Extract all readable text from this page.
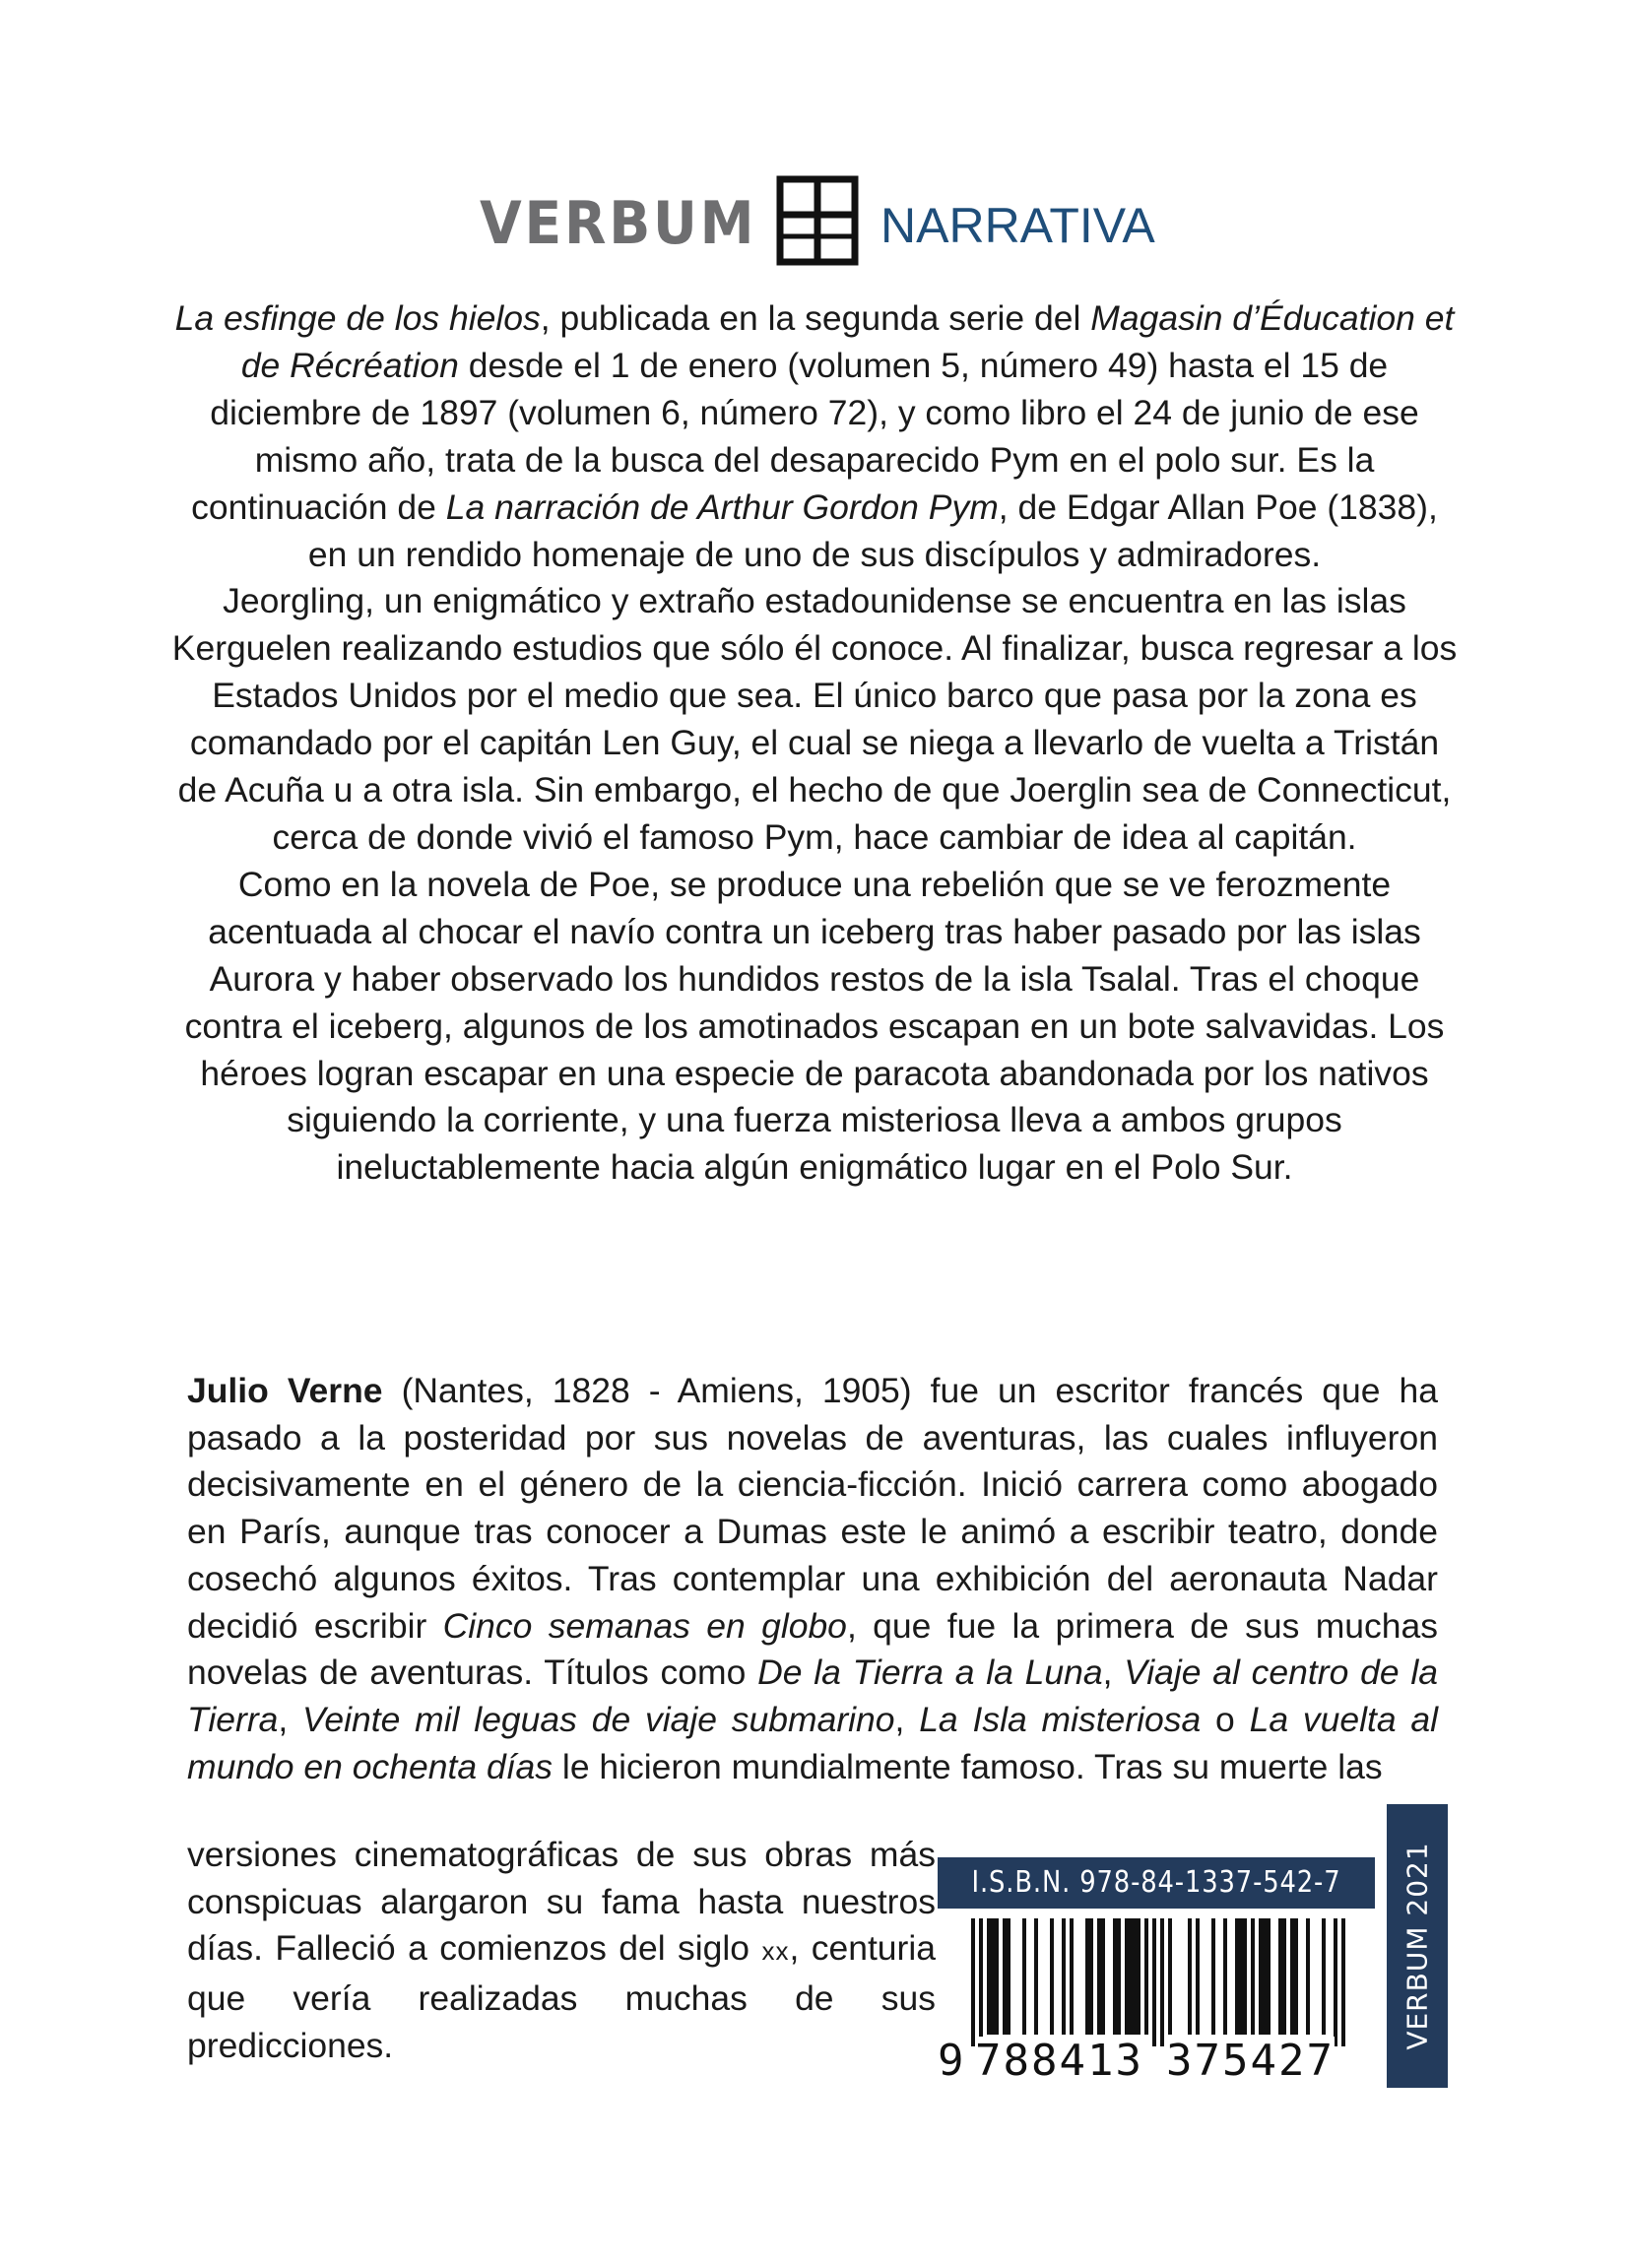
VERBUM	NARRATIVA

La esfinge de los hielos, publicada en la segunda serie del Magasin d’Éducation et de Récréation desde el 1 de enero (volumen 5, número 49) hasta el 15 de diciembre de 1897 (volumen 6, número 72), y como libro el 24 de junio de ese mismo año, trata de la busca del desaparecido Pym en el polo sur. Es la continuación de La narración de Arthur Gordon Pym, de Edgar Allan Poe (1838), en un rendido homenaje de uno de sus discípulos y admiradores.

Jeorgling, un enigmático y extraño estadounidense se encuentra en las islas Kerguelen realizando estudios que sólo él conoce. Al finalizar, busca regresar a los Estados Unidos por el medio que sea. El único barco que pasa por la zona es comandado por el capitán Len Guy, el cual se niega a llevarlo de vuelta a Tristán de Acuña u a otra isla. Sin embargo, el hecho de que Joerglin sea de Connecticut, cerca de donde vivió el famoso Pym, hace cambiar de idea al capitán.

Como en la novela de Poe, se produce una rebelión que se ve ferozmente acentuada al chocar el navío contra un iceberg tras haber pasado por las islas Aurora y haber observado los hundidos restos de la isla Tsalal. Tras el choque contra el iceberg, algunos de los amotinados escapan en un bote salvavidas. Los héroes logran escapar en una especie de paracota abandonada por los nativos siguiendo la corriente, y una fuerza misteriosa lleva a ambos grupos ineluctablemente hacia algún enigmático lugar en el Polo Sur.

Julio Verne (Nantes, 1828 - Amiens, 1905) fue un escritor francés que ha pasado a la posteridad por sus novelas de aventuras, las cuales influyeron decisivamente en el género de la ciencia-ficción. Inició carrera como abogado en París, aunque tras conocer a Dumas este le animó a escribir teatro, donde cosechó algunos éxitos. Tras contemplar una exhibición del aeronauta Nadar decidió escribir Cinco semanas en globo, que fue la primera de sus muchas novelas de aventuras. Títulos como De la Tierra a la Luna, Viaje al centro de la Tierra, Veinte mil leguas de viaje submarino, La Isla misteriosa o La vuelta al mundo en ochenta días le hicieron mundialmente famoso. Tras su muerte las

versiones cinematográficas de sus obras más conspicuas alargaron su fama hasta nuestros días. Falleció a comienzos del siglo xx, centuria que vería realizadas muchas de sus predicciones.

I.S.B.N. 978-84-1337-542-7	VERBUM 2021
9 788413 375427
